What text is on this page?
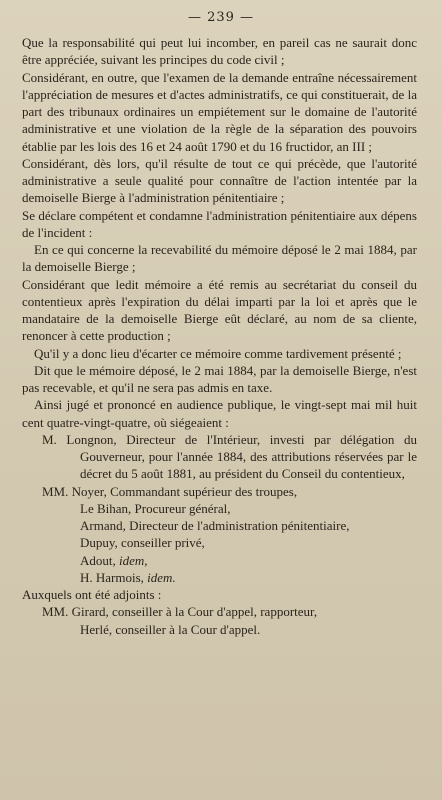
— 239 —

Que la responsabilité qui peut lui incomber, en pareil cas ne saurait donc être appréciée, suivant les principes du code civil ;

Considérant, en outre, que l'examen de la demande entraîne nécessairement l'appréciation de mesures et d'actes administratifs, ce qui constituerait, de la part des tribunaux ordinaires un empiétement sur le domaine de l'autorité administrative et une violation de la règle de la séparation des pouvoirs établie par les lois des 16 et 24 août 1790 et du 16 fructidor, an III ;

Considérant, dès lors, qu'il résulte de tout ce qui précède, que l'autorité administrative a seule qualité pour connaître de l'action intentée par la demoiselle Bierge à l'administration pénitentiaire ;

Se déclare compétent et condamne l'administration pénitentiaire aux dépens de l'incident :

En ce qui concerne la recevabilité du mémoire déposé le 2 mai 1884, par la demoiselle Bierge ;

Considérant que ledit mémoire a été remis au secrétariat du conseil du contentieux après l'expiration du délai imparti par la loi et après que le mandataire de la demoiselle Bierge eût déclaré, au nom de sa cliente, renoncer à cette production ;

Qu'il y a donc lieu d'écarter ce mémoire comme tardivement présenté ;

Dit que le mémoire déposé, le 2 mai 1884, par la demoiselle Bierge, n'est pas recevable, et qu'il ne sera pas admis en taxe.

Ainsi jugé et prononcé en audience publique, le vingt-sept mai mil huit cent quatre-vingt-quatre, où siégeaient :

M. Longnon, Directeur de l'Intérieur, investi par délégation du Gouverneur, pour l'année 1884, des attributions réservées par le décret du 5 août 1881, au président du Conseil du contentieux,

MM. Noyer, Commandant supérieur des troupes,

Le Bihan, Procureur général,

Armand, Directeur de l'administration pénitentiaire,

Dupuy, conseiller privé,

Adout, idem,

H. Harmois, idem.

Auxquels ont été adjoints :

MM. Girard, conseiller à la Cour d'appel, rapporteur,

Herlé, conseiller à la Cour d'appel.
